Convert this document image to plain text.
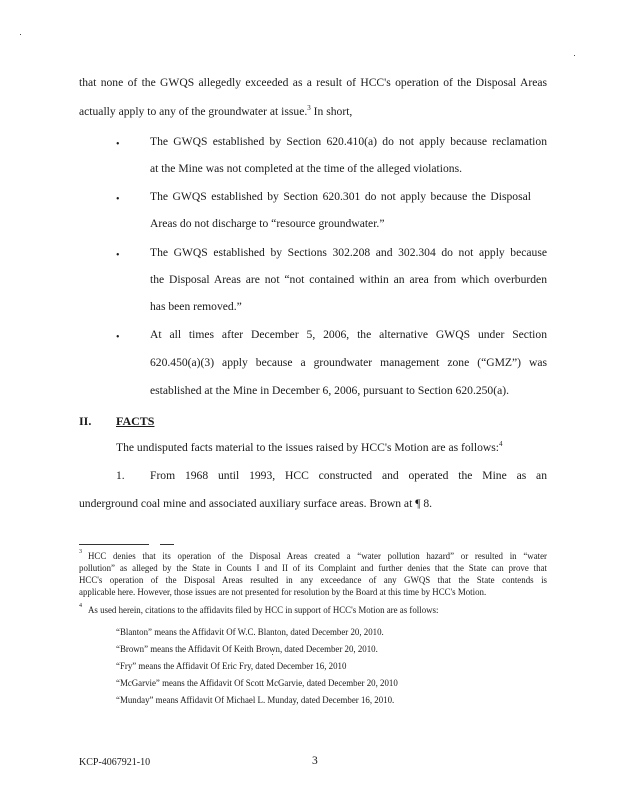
that none of the GWQS allegedly exceeded as a result of HCC's operation of the Disposal Areas
actually apply to any of the groundwater at issue.$^3$ In short,
•	The GWQS established by Section 620.410(a) do not apply because reclamation
at the Mine was not completed at the time of the alleged violations.
•	The GWQS established by Section 620.301 do not apply because the Disposal
Areas do not discharge to “resource groundwater.”
•	The GWQS established by Sections 302.208 and 302.304 do not apply because
the Disposal Areas are not “not contained within an area from which overburden
has been removed.”
•	At all times after December 5, 2006, the alternative GWQS under Section
620.450(a)(3) apply because a groundwater management zone (“GMZ”) was
established at the Mine in December 6, 2006, pursuant to Section 620.250(a).
II. FACTS
The undisputed facts material to the issues raised by HCC's Motion are as follows:$^4$
1. From 1968 until 1993, HCC constructed and operated the Mine as an
underground coal mine and associated auxiliary surface areas. Brown at ¶ 8.
3 HCC denies that its operation of the Disposal Areas created a “water pollution hazard” or resulted in “water
pollution” as alleged by the State in Counts I and II of its Complaint and further denies that the State can prove that
HCC's operation of the Disposal Areas resulted in any exceedance of any GWQS that the State contends is
applicable here. However, those issues are not presented for resolution by the Board at this time by HCC's Motion.
4 As used herein, citations to the affidavits filed by HCC in support of HCC's Motion are as follows:
“Blanton” means the Affidavit Of W.C. Blanton, dated December 20, 2010.
“Brown” means the Affidavit Of Keith Brown, dated December 20, 2010.
“Fry” means the Affidavit Of Eric Fry, dated December 16, 2010
“McGarvie” means the Affidavit Of Scott McGarvie, dated December 20, 2010
“Munday” means Affidavit Of Michael L. Munday, dated December 16, 2010.
KCP-4067921-10	3
